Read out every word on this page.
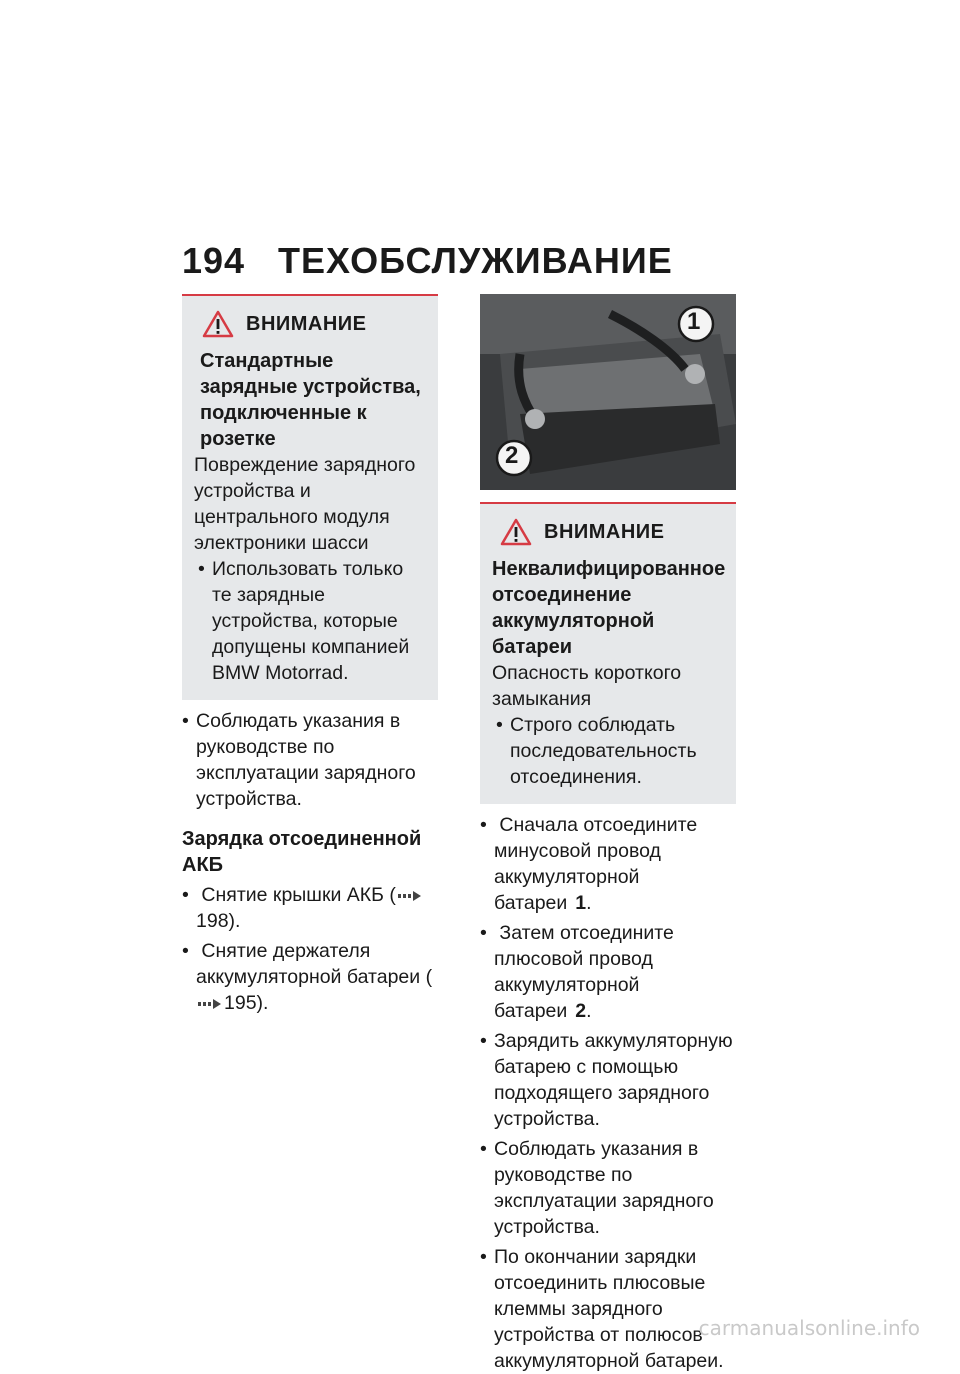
194 ТЕХОБСЛУЖИВАНИЕ
ВНИМАНИЕ
Стандартные зарядные устройства, подключенные к розетке
Повреждение зарядного устройства и центрального модуля электроники шасси
• Использовать только те зарядные устройства, которые допущены компанией BMW Motorrad.
• Соблюдать указания в руководстве по эксплуатации зарядного устройства.
Зарядка отсоединенной АКБ
• Снятие крышки АКБ (198).
• Снятие держателя аккумуляторной батареи (195).
1
2
ВНИМАНИЕ
Неквалифицированное отсоединение аккумуляторной батареи
Опасность короткого замыкания
• Строго соблюдать последовательность отсоединения.
• Сначала отсоедините минусовой провод аккумуляторной батареи 1.
• Затем отсоедините плюсовой провод аккумуляторной батареи 2.
• Зарядить аккумуляторную батарею с помощью подходящего зарядного устройства.
• Соблюдать указания в руководстве по эксплуатации зарядного устройства.
• По окончании зарядки отсоединить плюсовые клеммы зарядного устройства от полюсов аккумуляторной батареи.
carmanualsonline.info
